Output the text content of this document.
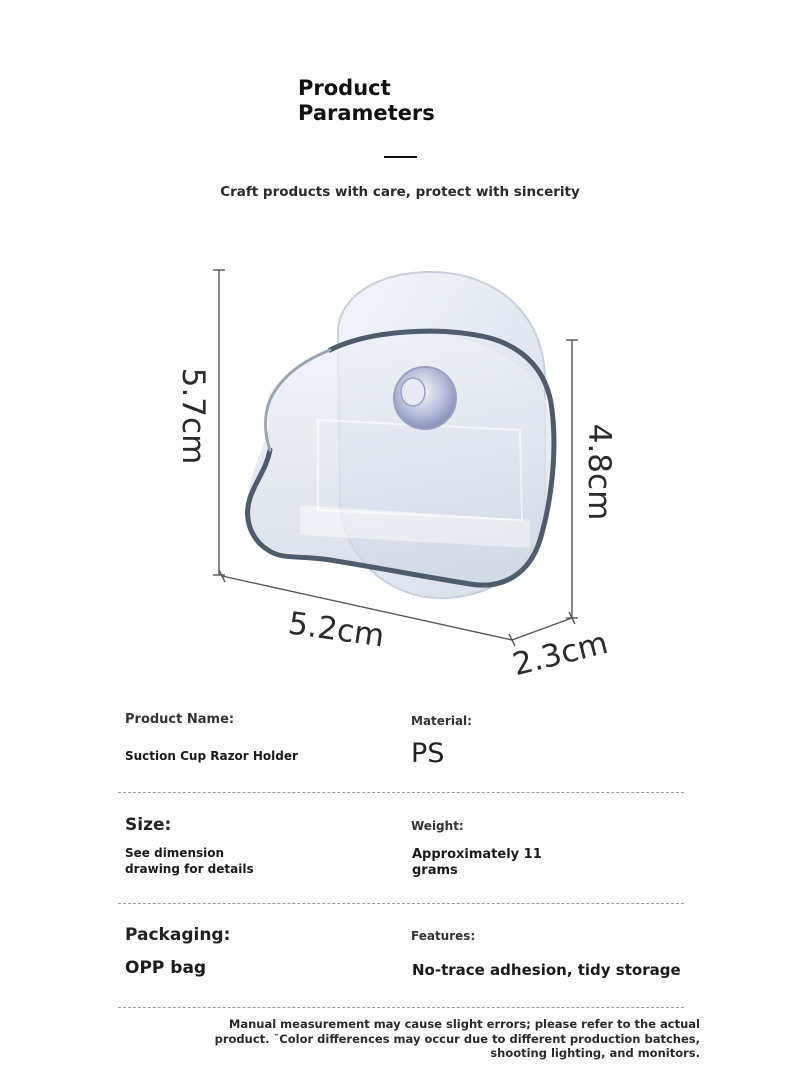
Product
Parameters
Craft products with care, protect with sincerity
5.7cm
4.8cm
5.2cm	2.3cm

Product Name:

Suction Cup Razor Holder

Material:

PS

Size:

See dimension

drawing for details

Weight:

Approximately 11

grams

Packaging:

OPP bag

Features:

No-trace adhesion, tidy storage

Manual measurement may cause slight errors; please refer to the actual
product. ˘Color differences may occur due to different production batches,
shooting lighting, and monitors.
